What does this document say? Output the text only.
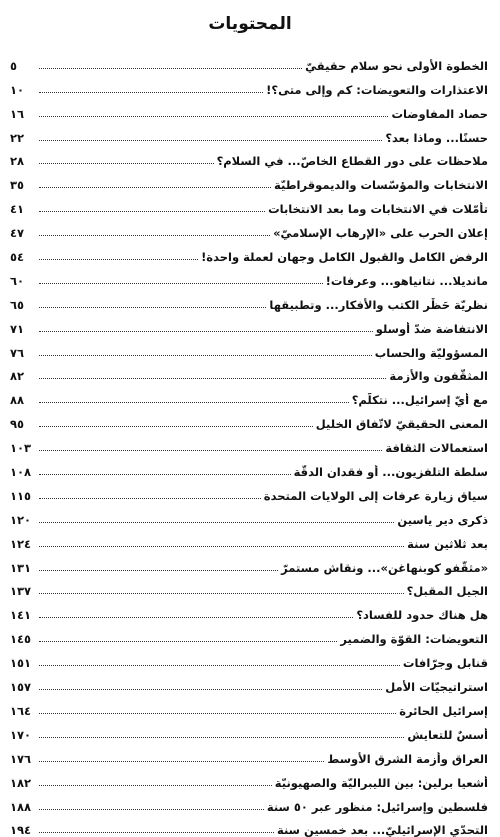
المحتويات
الخطوة الأولى نحو سلام حقيقيّ
٥
الاعتذارات والتعويضات: كم وإلى متى؟!
١٠
حصاد المفاوضات
١٦
حسنًا... وماذا بعد؟
٢٢
ملاحظات على دور القطاع الخاصّ... في السلام؟
٢٨
الانتخابات والمؤسّسات والديموقراطيّة
٣٥
تأمّلات في الانتخابات وما بعد الانتخابات
٤١
إعلان الحرب على «الإرهاب الإسلاميّ»
٤٧
الرفض الكامل والقبول الكامل وجهان لعملة واحدة!
٥٤
مانديلا... نتانياهو... وعرفات!
٦٠
نظريّة حَظْر الكتب والأفكار... وتطبيقها
٦٥
الانتفاضة ضدّ أوسلو
٧١
المسؤوليّة والحساب
٧٦
المثقّفون والأزمة
٨٢
مع أيّ إسرائيل... نتكلّم؟
٨٨
المعنى الحقيقيّ لاتّفاق الخليل
٩٥
استعمالات الثقافة
١٠٣
سلطة التلفزيون... أو فقدان الدقّة
١٠٨
سياق زيارة عرفات إلى الولايات المتحدة
١١٥
ذكرى دير ياسين
١٢٠
بعد ثلاثين سنة
١٢٤
«مثقّفو كوبنهاغن»... ونقاش مستمرّ
١٣١
الجيل المقبل؟
١٣٧
هل هناك حدود للفساد؟
١٤١
التعويضات: القوّة والضمير
١٤٥
قنابل وجرّافات
١٥١
استراتيجيّات الأمل
١٥٧
إسرائيل الحائرة
١٦٤
أسسٌ للتعايش
١٧٠
العراق وأزمة الشرق الأوسط
١٧٦
أشعيا برلين: بين الليبراليّة والصهيونيّة
١٨٢
فلسطين وإسرائيل: منظور عبر ٥٠ سنة
١٨٨
التحدّي الإسرائيليّ... بعد خمسين سنة
١٩٤
